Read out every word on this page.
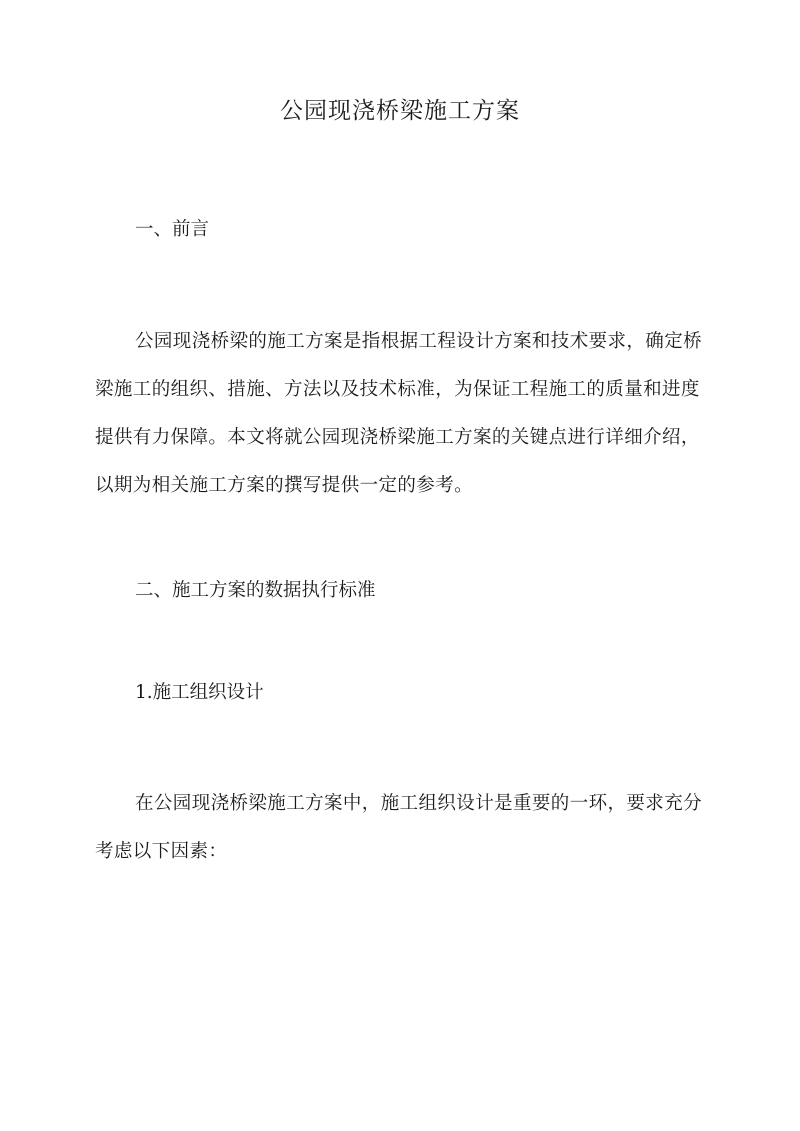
公园现浇桥梁施工方案

一、前言

公园现浇桥梁的施工方案是指根据工程设计方案和技术要求，确定桥梁施工的组织、措施、方法以及技术标准，为保证工程施工的质量和进度提供有力保障。本文将就公园现浇桥梁施工方案的关键点进行详细介绍，以期为相关施工方案的撰写提供一定的参考。

二、施工方案的数据执行标准

1.施工组织设计

在公园现浇桥梁施工方案中，施工组织设计是重要的一环，要求充分考虑以下因素：
